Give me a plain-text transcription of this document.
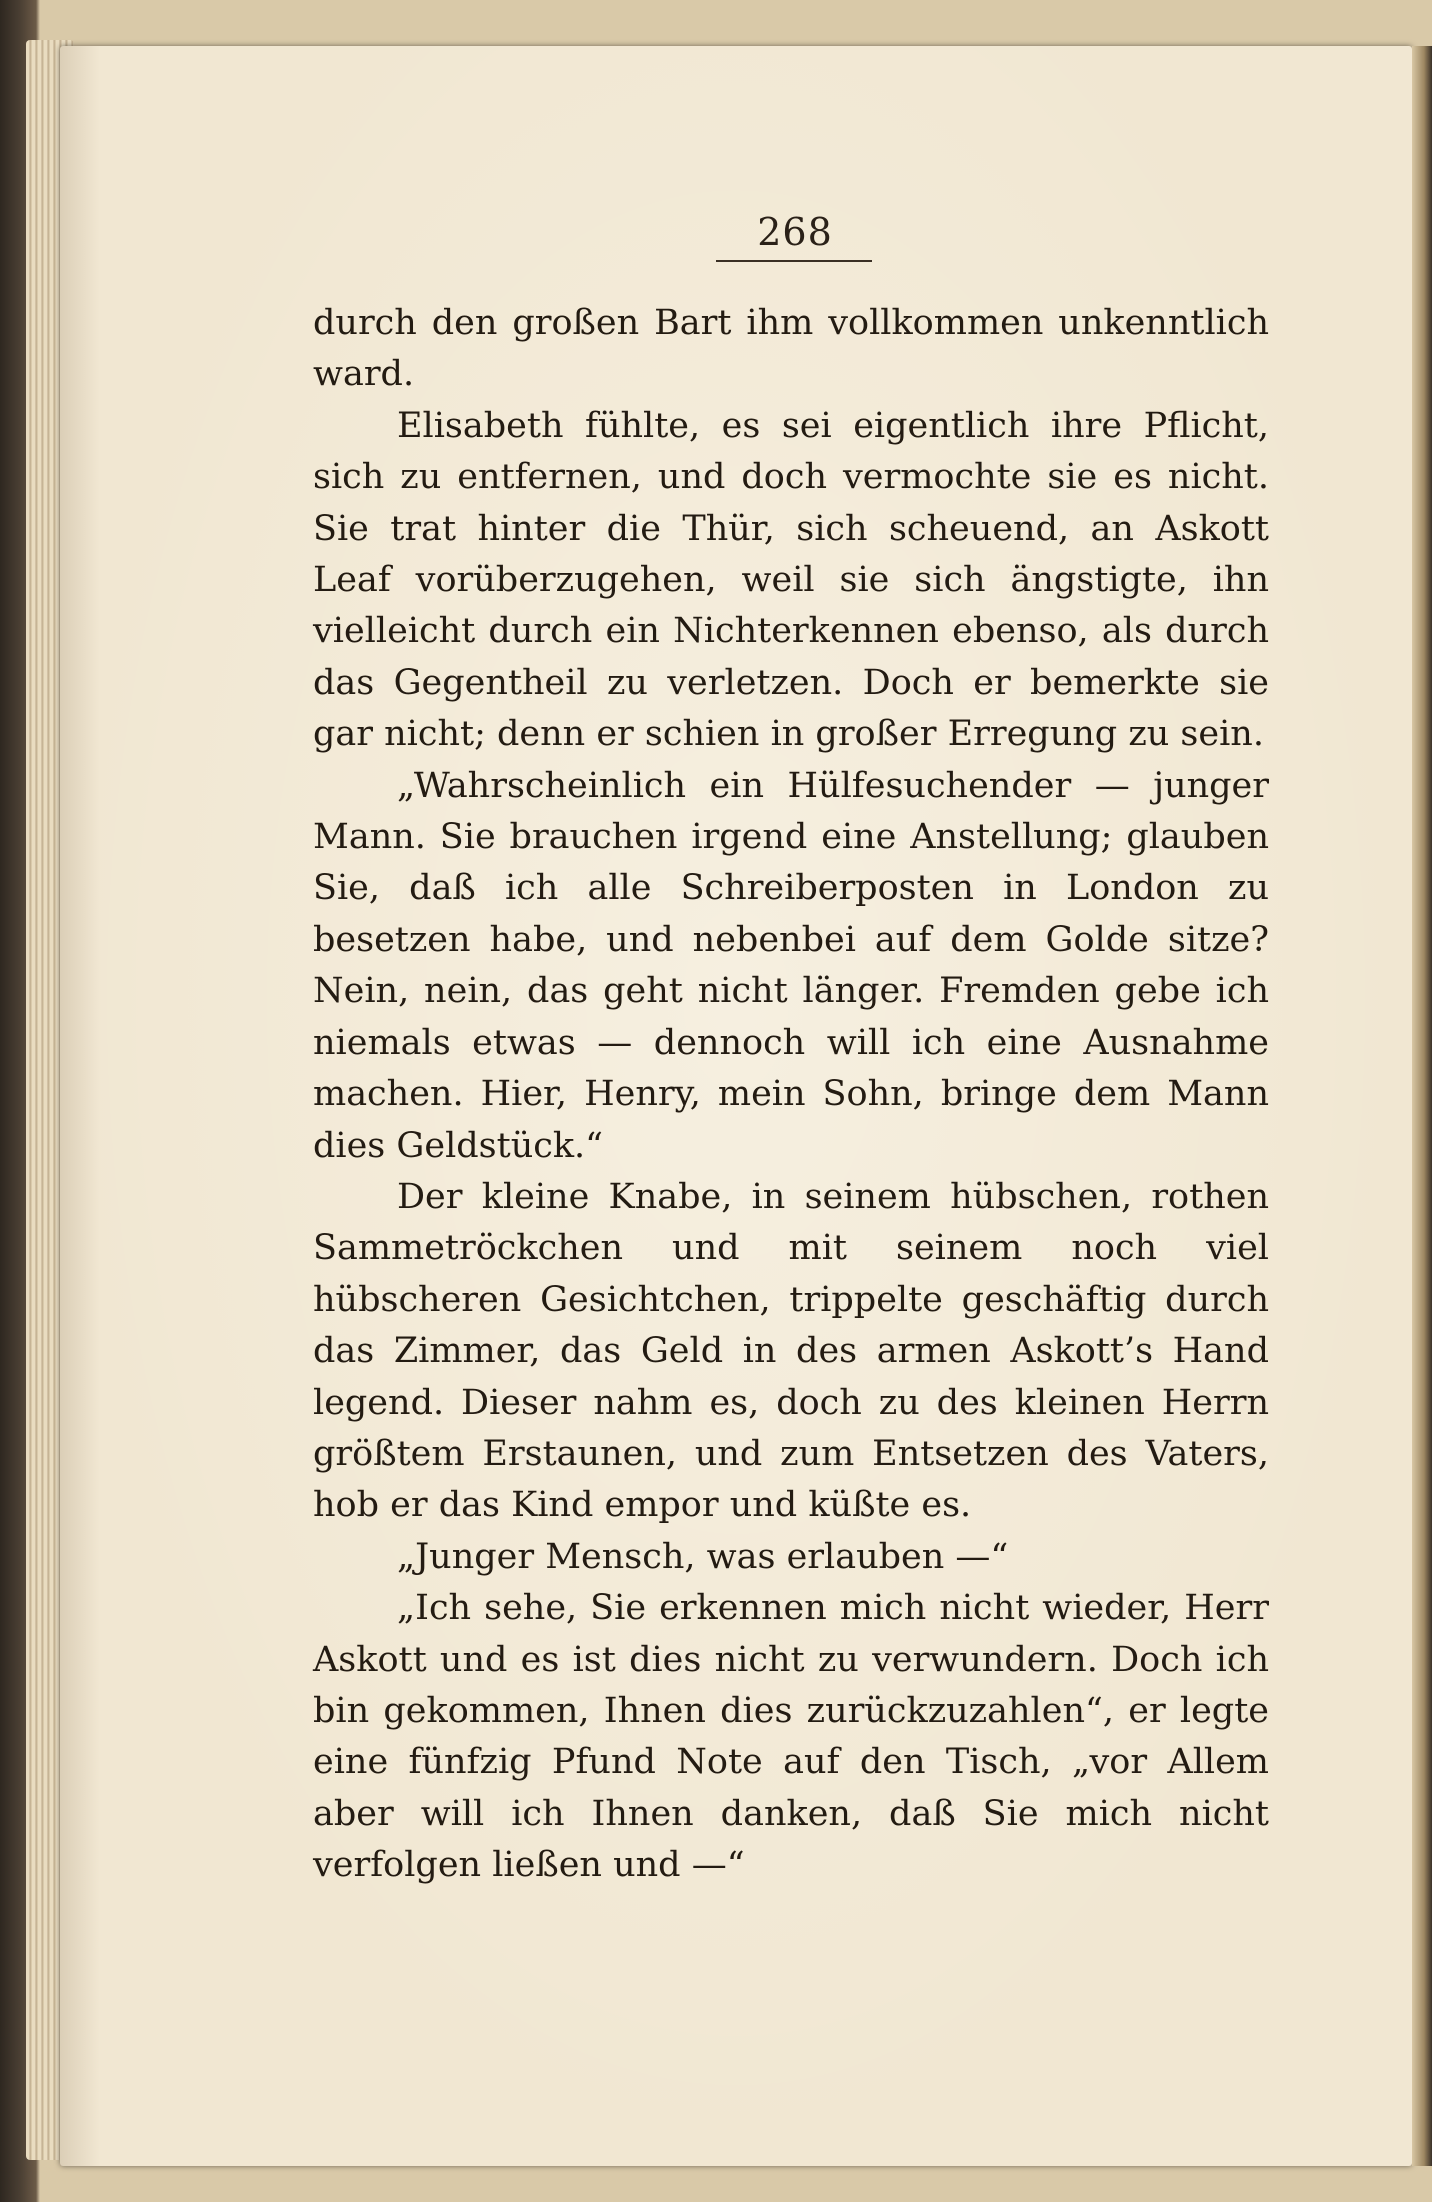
268

durch den großen Bart ihm vollkommen unkenntlich ward.

Elisabeth fühlte, es sei eigentlich ihre Pflicht, sich zu entfernen, und doch vermochte sie es nicht. Sie trat hinter die Thür, sich scheuend, an Askott Leaf vorüberzugehen, weil sie sich ängstigte, ihn vielleicht durch ein Nichterkennen ebenso, als durch das Gegentheil zu verletzen. Doch er bemerkte sie gar nicht; denn er schien in großer Erregung zu sein.

„Wahrscheinlich ein Hülfesuchender — junger Mann. Sie brauchen irgend eine Anstellung; glauben Sie, daß ich alle Schreiberposten in London zu besetzen habe, und nebenbei auf dem Golde sitze? Nein, nein, das geht nicht länger. Fremden gebe ich niemals etwas — dennoch will ich eine Ausnahme machen. Hier, Henry, mein Sohn, bringe dem Mann dies Geldstück.“

Der kleine Knabe, in seinem hübschen, rothen Sammetröckchen und mit seinem noch viel hübscheren Gesichtchen, trippelte geschäftig durch das Zimmer, das Geld in des armen Askott’s Hand legend. Dieser nahm es, doch zu des kleinen Herrn größtem Erstaunen, und zum Entsetzen des Vaters, hob er das Kind empor und küßte es.

„Junger Mensch, was erlauben —“

„Ich sehe, Sie erkennen mich nicht wieder, Herr Askott und es ist dies nicht zu verwundern. Doch ich bin gekommen, Ihnen dies zurückzuzahlen“, er legte eine fünfzig Pfund Note auf den Tisch, „vor Allem aber will ich Ihnen danken, daß Sie mich nicht verfolgen ließen und —“
